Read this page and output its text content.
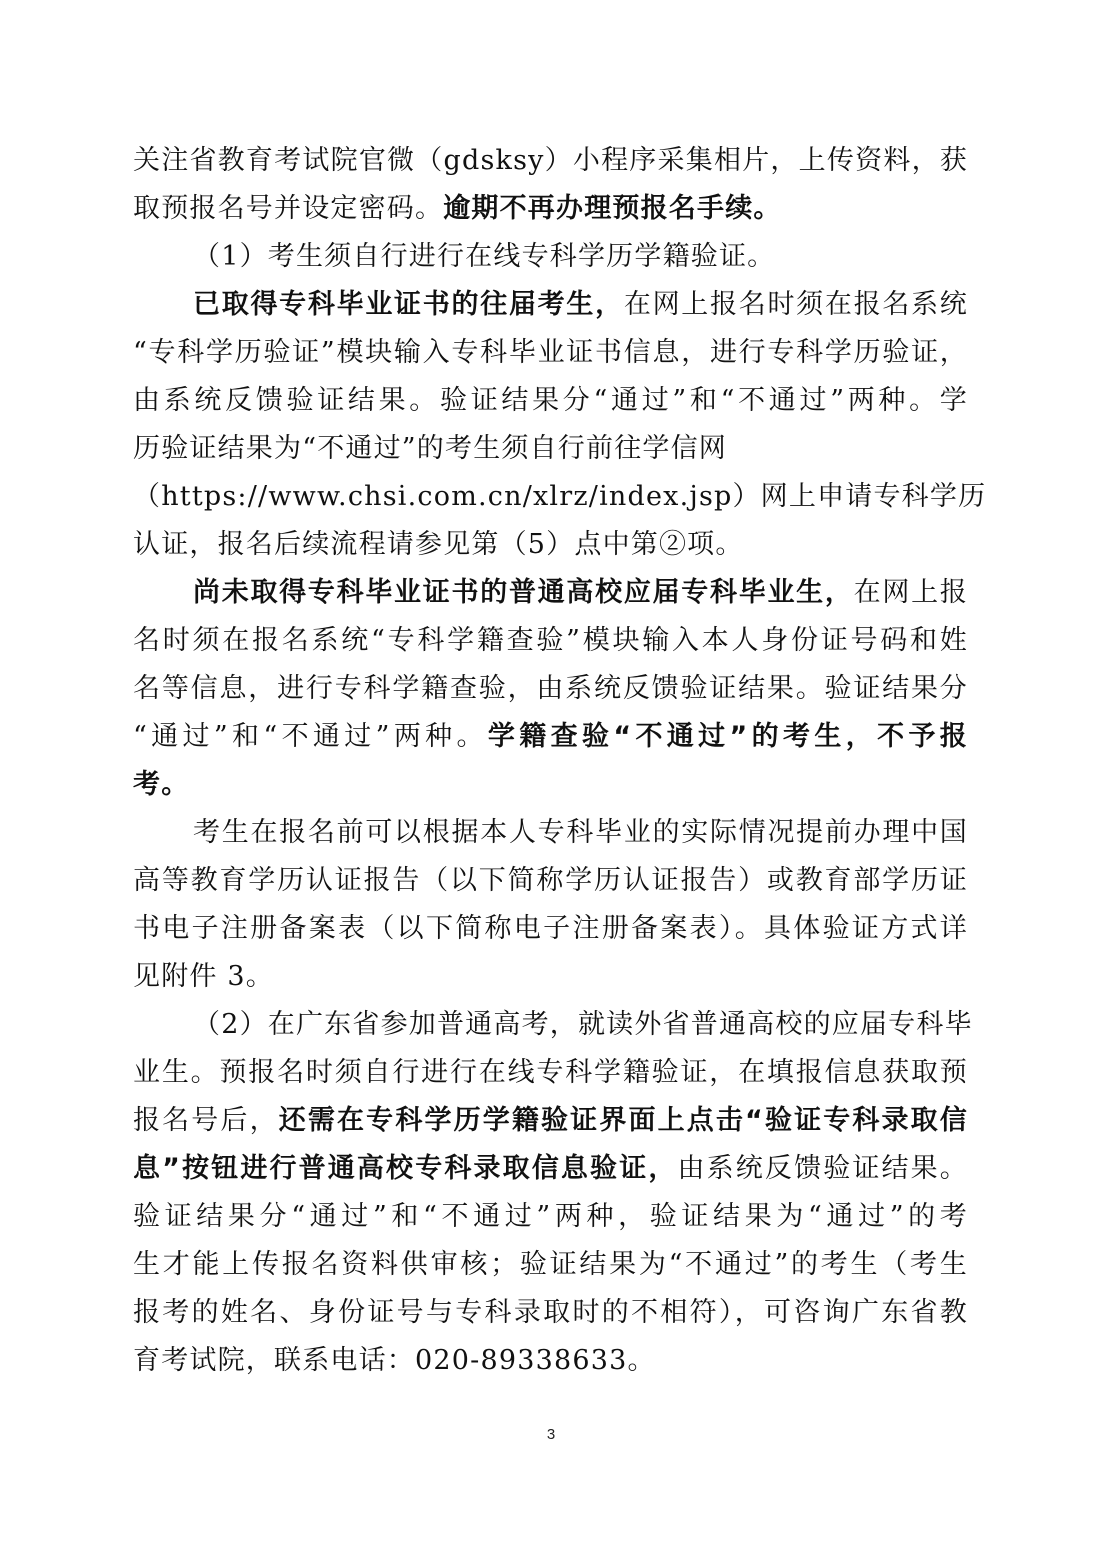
关注省教育考试院官微（gdsksy）小程序采集相片，上传资料，获
取预报名号并设定密码。逾期不再办理预报名手续。
（1）考生须自行进行在线专科学历学籍验证。
已取得专科毕业证书的往届考生，在网上报名时须在报名系统
“专科学历验证”模块输入专科毕业证书信息，进行专科学历验证，
由系统反馈验证结果。验证结果分“通过”和“不通过”两种。学
历验证结果为“不通过”的考生须自行前往学信网
（https://www.chsi.com.cn/xlrz/index.jsp）网上申请专科学历
认证，报名后续流程请参见第（5）点中第②项。
尚未取得专科毕业证书的普通高校应届专科毕业生，在网上报
名时须在报名系统“专科学籍查验”模块输入本人身份证号码和姓
名等信息，进行专科学籍查验，由系统反馈验证结果。验证结果分
“通过”和“不通过”两种。学籍查验“不通过”的考生，不予报
考。
考生在报名前可以根据本人专科毕业的实际情况提前办理中国
高等教育学历认证报告（以下简称学历认证报告）或教育部学历证
书电子注册备案表（以下简称电子注册备案表）。具体验证方式详
见附件 3。
（2）在广东省参加普通高考，就读外省普通高校的应届专科毕
业生。预报名时须自行进行在线专科学籍验证，在填报信息获取预
报名号后，还需在专科学历学籍验证界面上点击“验证专科录取信
息”按钮进行普通高校专科录取信息验证，由系统反馈验证结果。
验证结果分“通过”和“不通过”两种，验证结果为“通过”的考
生才能上传报名资料供审核；验证结果为“不通过”的考生（考生
报考的姓名、身份证号与专科录取时的不相符），可咨询广东省教
育考试院，联系电话：020-89338633。
3
